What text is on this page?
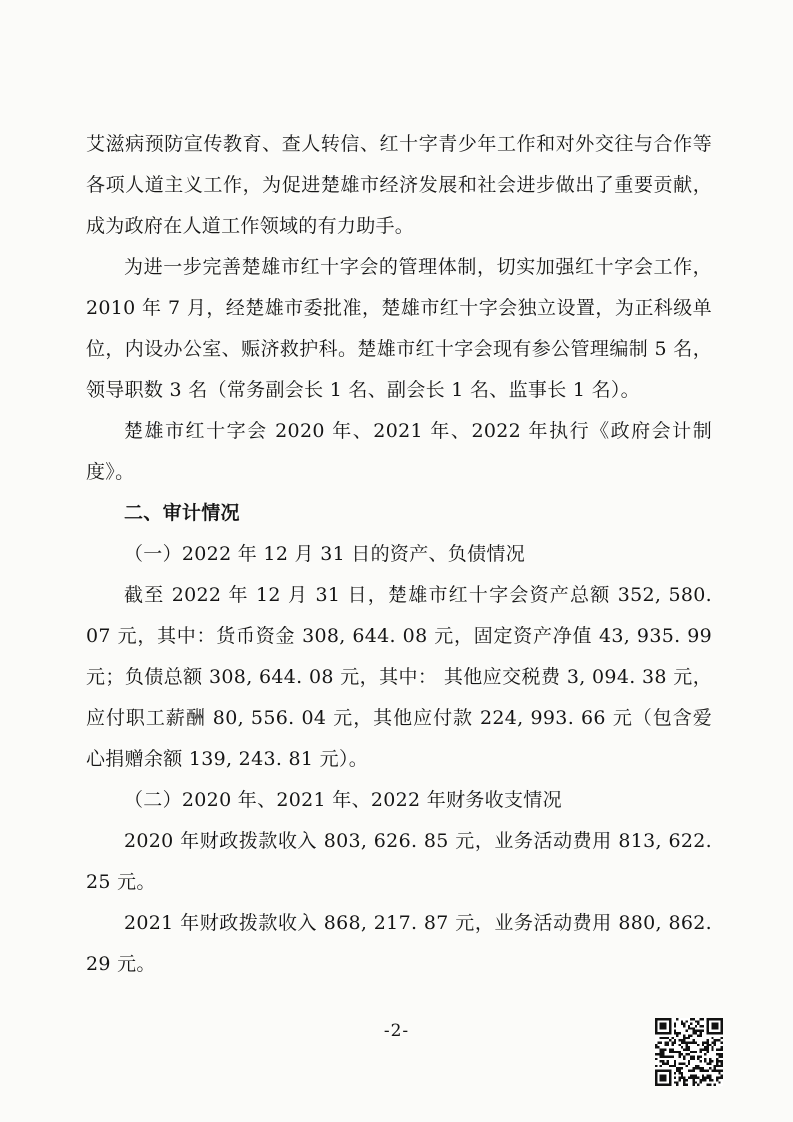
艾滋病预防宣传教育、查人转信、红十字青少年工作和对外交往与合作等各项人道主义工作，为促进楚雄市经济发展和社会进步做出了重要贡献，成为政府在人道工作领域的有力助手。

为进一步完善楚雄市红十字会的管理体制，切实加强红十字会工作，2010 年 7 月，经楚雄市委批准，楚雄市红十字会独立设置，为正科级单位，内设办公室、赈济救护科。楚雄市红十字会现有参公管理编制 5 名，领导职数 3 名（常务副会长 1 名、副会长 1 名、监事长 1 名）。

楚雄市红十字会 2020 年、2021 年、2022 年执行《政府会计制度》。

二、审计情况

（一）2022 年 12 月 31 日的资产、负债情况

截至 2022 年 12 月 31 日，楚雄市红十字会资产总额 352, 580. 07 元，其中：货币资金 308, 644. 08 元，固定资产净值 43, 935. 99 元；负债总额 308, 644. 08 元，其中： 其他应交税费 3, 094. 38 元，应付职工薪酬 80, 556. 04 元，其他应付款 224, 993. 66 元（包含爱心捐赠余额 139, 243. 81 元）。

（二）2020 年、2021 年、2022 年财务收支情况

2020 年财政拨款收入 803, 626. 85 元，业务活动费用 813, 622. 25 元。

2021 年财政拨款收入 868, 217. 87 元，业务活动费用 880, 862. 29 元。

-2-
